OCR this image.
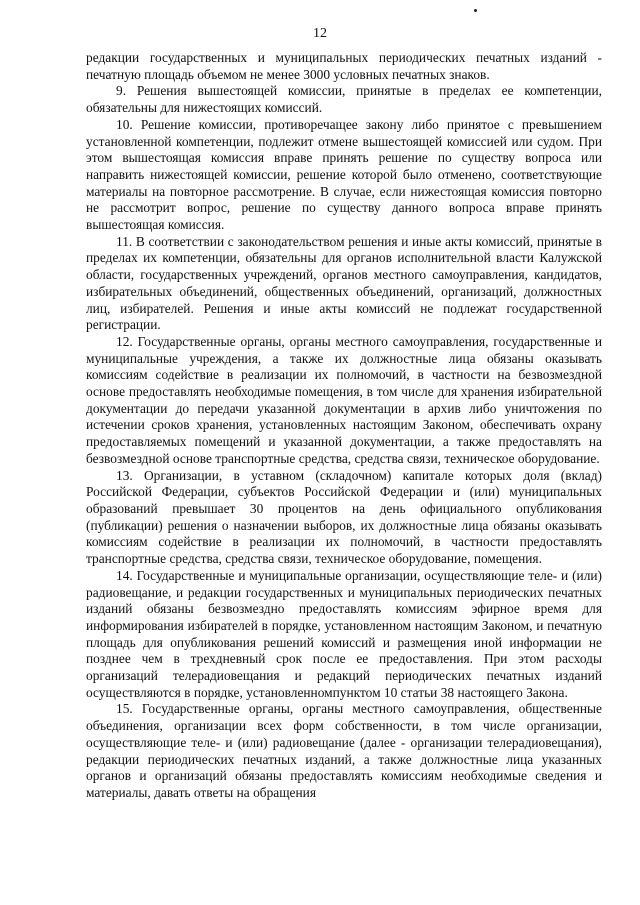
12

редакции государственных и муниципальных периодических печатных изданий - печатную площадь объемом не менее 3000 условных печатных знаков.

9. Решения вышестоящей комиссии, принятые в пределах ее компетенции, обязательны для нижестоящих комиссий.

10. Решение комиссии, противоречащее закону либо принятое с превышением установленной компетенции, подлежит отмене вышестоящей комиссией или судом. При этом вышестоящая комиссия вправе принять решение по существу вопроса или направить нижестоящей комиссии, решение которой было отменено, соответствующие материалы на повторное рассмотрение. В случае, если нижестоящая комиссия повторно не рассмотрит вопрос, решение по существу данного вопроса вправе принять вышестоящая комиссия.

11. В соответствии с законодательством решения и иные акты комиссий, принятые в пределах их компетенции, обязательны для органов исполнительной власти Калужской области, государственных учреждений, органов местного самоуправления, кандидатов, избирательных объединений, общественных объединений, организаций, должностных лиц, избирателей. Решения и иные акты комиссий не подлежат государственной регистрации.

12. Государственные органы, органы местного самоуправления, государственные и муниципальные учреждения, а также их должностные лица обязаны оказывать комиссиям содействие в реализации их полномочий, в частности на безвозмездной основе предоставлять необходимые помещения, в том числе для хранения избирательной документации до передачи указанной документации в архив либо уничтожения по истечении сроков хранения, установленных настоящим Законом, обеспечивать охрану предоставляемых помещений и указанной документации, а также предоставлять на безвозмездной основе транспортные средства, средства связи, техническое оборудование.

13. Организации, в уставном (складочном) капитале которых доля (вклад) Российской Федерации, субъектов Российской Федерации и (или) муниципальных образований превышает 30 процентов на день официального опубликования (публикации) решения о назначении выборов, их должностные лица обязаны оказывать комиссиям содействие в реализации их полномочий, в частности предоставлять транспортные средства, средства связи, техническое оборудование, помещения.

14. Государственные и муниципальные организации, осуществляющие теле- и (или) радиовещание, и редакции государственных и муниципальных периодических печатных изданий обязаны безвозмездно предоставлять комиссиям эфирное время для информирования избирателей в порядке, установленном настоящим Законом, и печатную площадь для опубликования решений комиссий и размещения иной информации не позднее чем в трехдневный срок после ее предоставления. При этом расходы организаций телерадиовещания и редакций периодических печатных изданий осуществляются в порядке, установленномпунктом 10 статьи 38 настоящего Закона.

15. Государственные органы, органы местного самоуправления, общественные объединения, организации всех форм собственности, в том числе организации, осуществляющие теле- и (или) радиовещание (далее - организации телерадиовещания), редакции периодических печатных изданий, а также должностные лица указанных органов и организаций обязаны предоставлять комиссиям необходимые сведения и материалы, давать ответы на обращения
